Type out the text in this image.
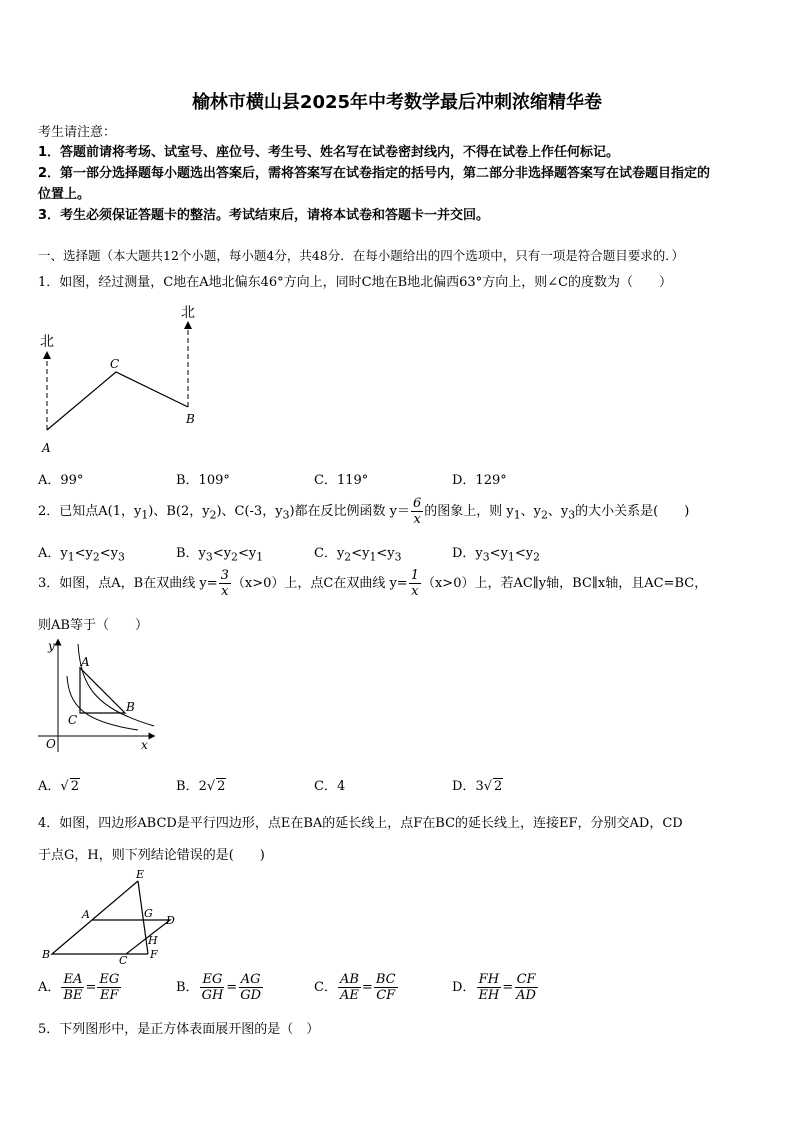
榆林市横山县2025年中考数学最后冲刺浓缩精华卷
考生请注意：
1．答题前请将考场、试室号、座位号、考生号、姓名写在试卷密封线内，不得在试卷上作任何标记。
2．第一部分选择题每小题选出答案后，需将答案写在试卷指定的括号内，第二部分非选择题答案写在试卷题目指定的
位置上。
3．考生必须保证答题卡的整洁。考试结束后，请将本试卷和答题卡一并交回。
一、选择题（本大题共12个小题，每小题4分，共48分．在每小题给出的四个选项中，只有一项是符合题目要求的．）
1．如图，经过测量，C地在A地北偏东46°方向上，同时C地在B地北偏西63°方向上，则∠C的度数为（　　）
北
北
A
B
C
A．99°	B．109°	C．119°	D．129°
2．已知点A(1，$y_1$)、B(2，$y_2$)、C(-3，$y_3$)都在反比例函数 $y= \frac{6}{x}$ 的图象上，则 $y_1$、$y_2$、$y_3$的大小关系是(　　)
A．$y_1<y_2<y_3$	B．$y_3<y_2<y_1$	C．$y_2<y_1<y_3$	D．$y_3<y_1<y_2$
3．如图，点A，B在双曲线 $y= \frac{3}{x} (x>0)$上，点C在双曲线 $y= \frac{1}{x} (x>0)$上，若AC∥y轴，BC∥x轴，且AC=BC，
则AB等于（　　）
y
x
O
A
B
C
A．√ 2	B．2√ 2	C．4	D．3√ 2
4．如图，四边形ABCD是平行四边形，点E在BA的延长线上，点F在BC的延长线上，连接EF，分别交AD，CD
于点G，H，则下列结论错误的是(　　)
E
A	G
D
H
B	C F
A． $\frac{EA}{BE} = \frac{EG}{EF}$	B． $\frac{EG}{GH} = \frac{AG}{GD}$	C． $\frac{AB}{AE} = \frac{BC}{CF}$	D． $\frac{FH}{EH} = \frac{CF}{AD}$
5．下列图形中，是正方体表面展开图的是（　）
